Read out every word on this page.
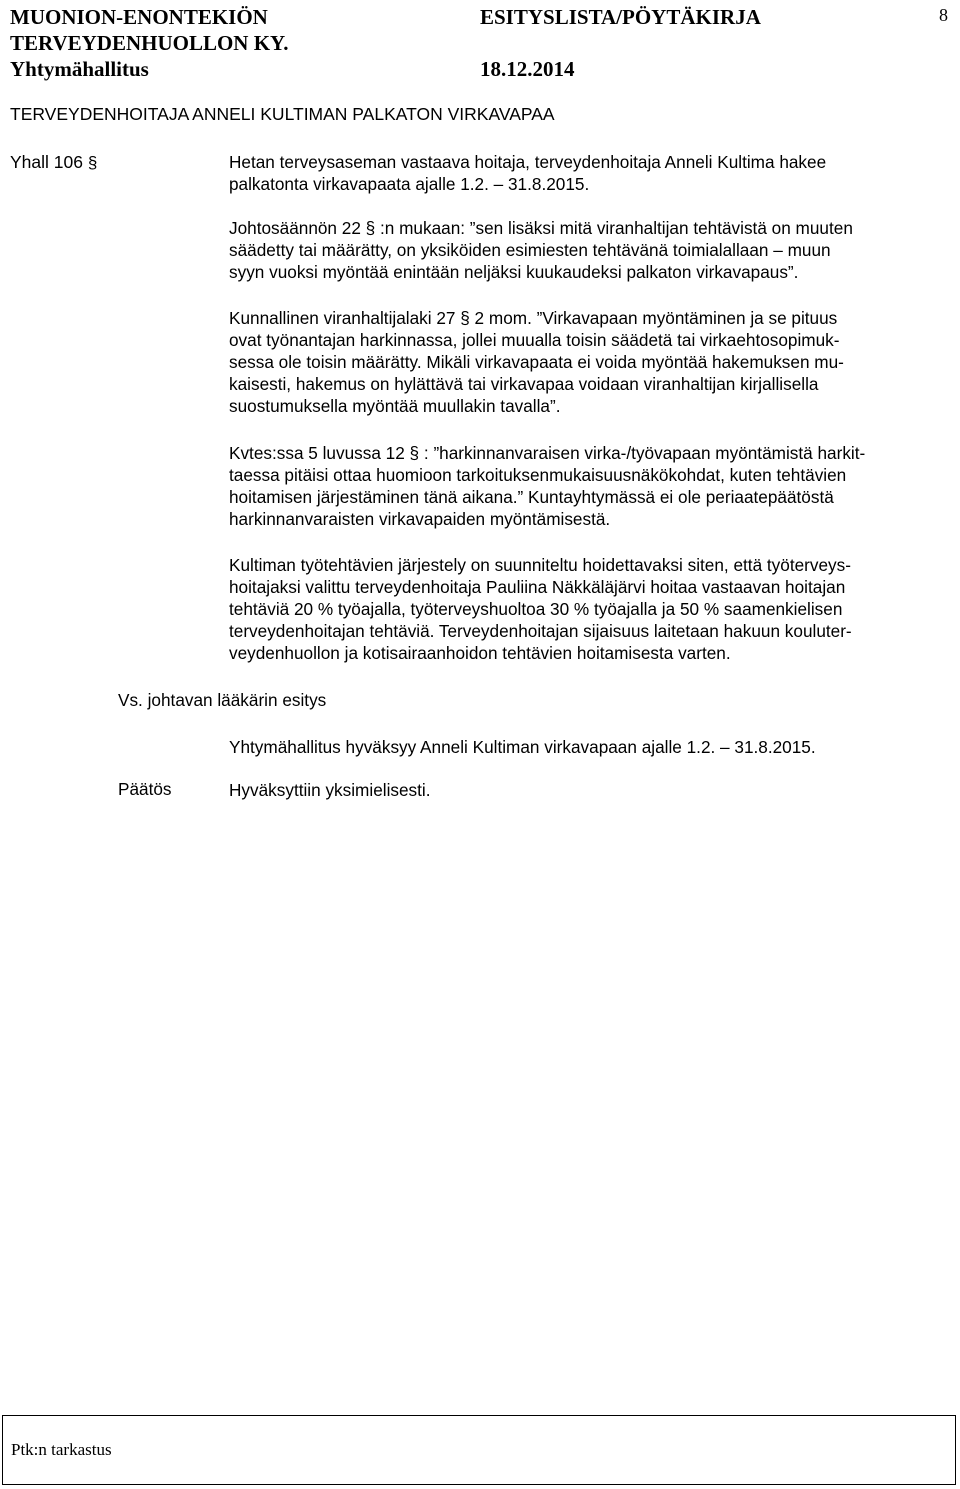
MUONION-ENONTEKIÖN
TERVEYDENHUOLLON KY.
Yhtymähallitus
ESITYSLISTA/PÖYTÄKIRJA
18.12.2014
8
TERVEYDENHOITAJA ANNELI KULTIMAN PALKATON VIRKAVAPAA
Yhall 106 §	Hetan terveysaseman vastaava hoitaja, terveydenhoitaja Anneli Kultima hakee
palkatonta virkavapaata ajalle 1.2. – 31.8.2015.
Johtosäännön 22 § :n mukaan: ”sen lisäksi mitä viranhaltijan tehtävistä on muuten
säädetty tai määrätty, on yksiköiden esimiesten tehtävänä toimialallaan – muun
syyn vuoksi myöntää enintään neljäksi kuukaudeksi palkaton virkavapaus”.
Kunnallinen viranhaltijalaki 27 § 2 mom. ”Virkavapaan myöntäminen ja se pituus
ovat työnantajan harkinnassa, jollei muualla toisin säädetä tai virkaehtosopimuk-
sessa ole toisin määrätty. Mikäli virkavapaata ei voida myöntää hakemuksen mu-
kaisesti, hakemus on hylättävä tai virkavapaa voidaan viranhaltijan kirjallisella
suostumuksella myöntää muullakin tavalla”.
Kvtes:ssa 5 luvussa 12 § : ”harkinnanvaraisen virka-/työvapaan myöntämistä harkit-
taessa pitäisi ottaa huomioon tarkoituksenmukaisuusnäkökohdat, kuten tehtävien
hoitamisen järjestäminen tänä aikana.” Kuntayhtymässä ei ole periaatepäätöstä
harkinnanvaraisten virkavapaiden myöntämisestä.
Kultiman työtehtävien järjestely on suunniteltu hoidettavaksi siten, että työterveys-
hoitajaksi valittu terveydenhoitaja Pauliina Näkkäläjärvi hoitaa vastaavan hoitajan
tehtäviä 20 % työajalla, työterveyshuoltoa 30 % työajalla ja 50 % saamenkielisen
terveydenhoitajan tehtäviä. Terveydenhoitajan sijaisuus laitetaan hakuun kouluter-
veydenhuollon ja kotisairaanhoidon tehtävien hoitamisesta varten.
Vs. johtavan lääkärin esitys
Yhtymähallitus hyväksyy Anneli Kultiman virkavapaan ajalle 1.2. – 31.8.2015.
Päätös	Hyväksyttiin yksimielisesti.
Ptk:n tarkastus
